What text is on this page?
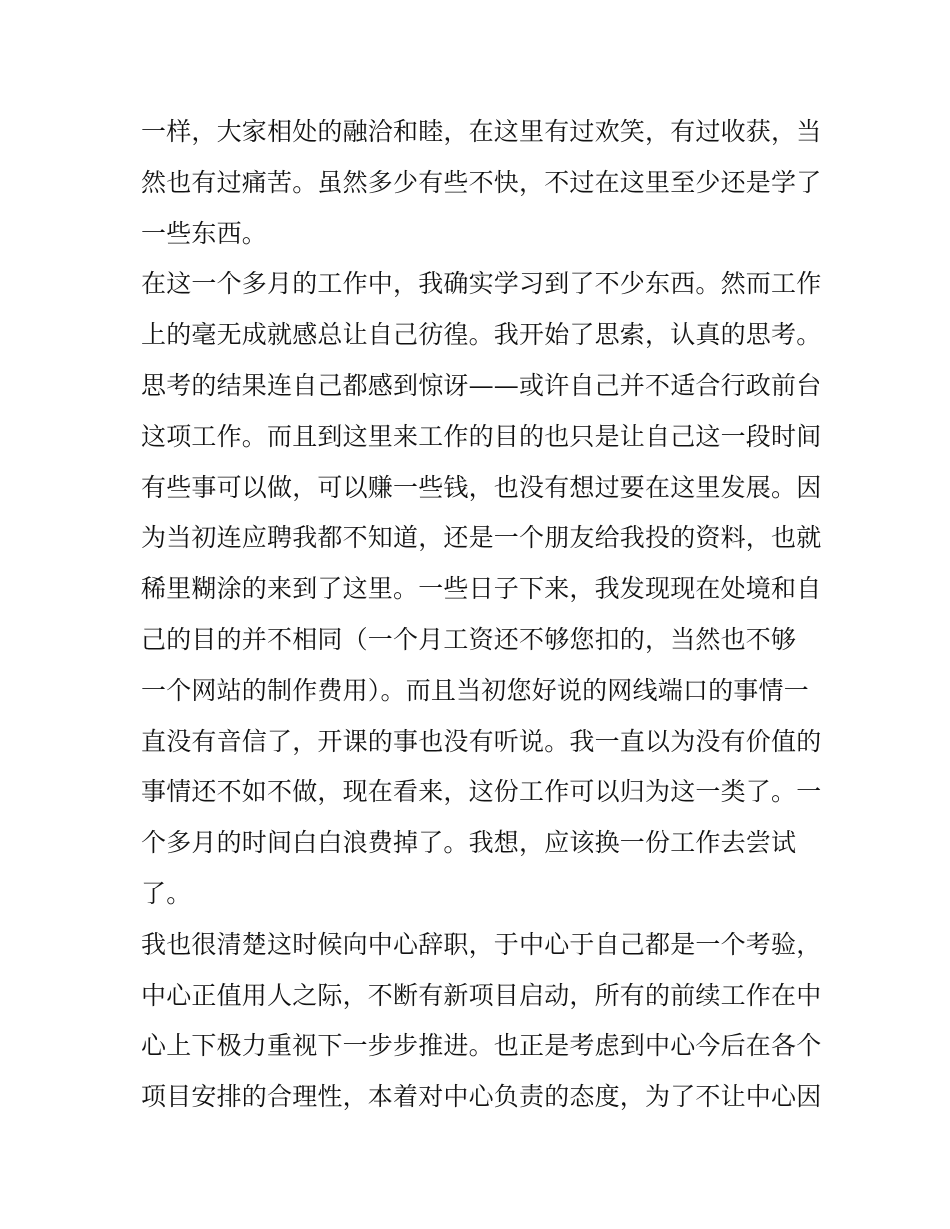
一样，大家相处的融洽和睦，在这里有过欢笑，有过收获，当
然也有过痛苦。虽然多少有些不快，不过在这里至少还是学了
一些东西。
在这一个多月的工作中，我确实学习到了不少东西。然而工作
上的毫无成就感总让自己彷徨。我开始了思索，认真的思考。
思考的结果连自己都感到惊讶——或许自己并不适合行政前台
这项工作。而且到这里来工作的目的也只是让自己这一段时间
有些事可以做，可以赚一些钱，也没有想过要在这里发展。因
为当初连应聘我都不知道，还是一个朋友给我投的资料，也就
稀里糊涂的来到了这里。一些日子下来，我发现现在处境和自
己的目的并不相同（一个月工资还不够您扣的，当然也不够
一个网站的制作费用）。而且当初您好说的网线端口的事情一
直没有音信了，开课的事也没有听说。我一直以为没有价值的
事情还不如不做，现在看来，这份工作可以归为这一类了。一
个多月的时间白白浪费掉了。我想，应该换一份工作去尝试
了。
我也很清楚这时候向中心辞职，于中心于自己都是一个考验，
中心正值用人之际，不断有新项目启动，所有的前续工作在中
心上下极力重视下一步步推进。也正是考虑到中心今后在各个
项目安排的合理性，本着对中心负责的态度，为了不让中心因
